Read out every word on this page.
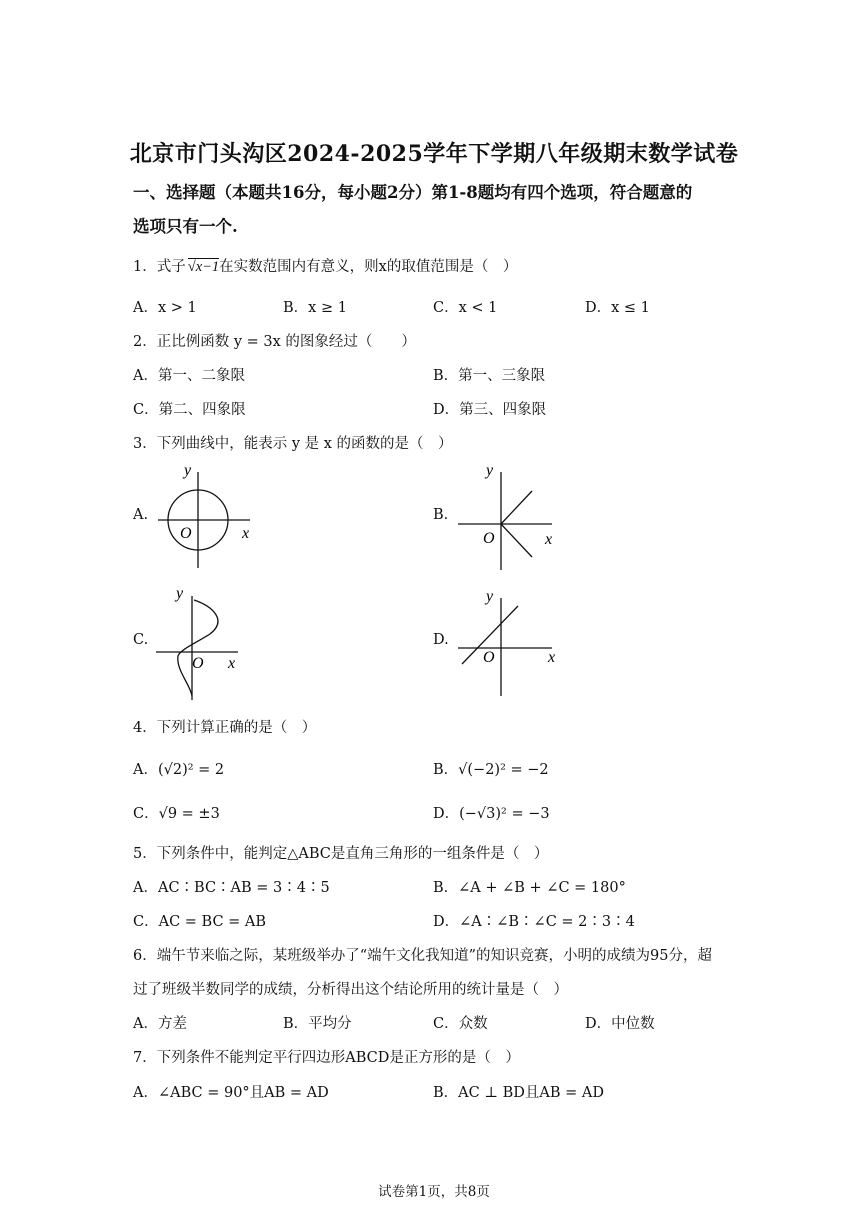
北京市门头沟区2024-2025学年下学期八年级期末数学试卷
一、选择题（本题共16分，每小题2分）第1-8题均有四个选项，符合题意的
选项只有一个.
1．式子 √x−1在实数范围内有意义，则x的取值范围是（　）
A．x > 1	B．x ≥ 1	C．x < 1	D．x ≤ 1
2．正比例函数 y = 3x 的图象经过（　　）
A．第一、二象限	B．第一、三象限
C．第二、四象限	D．第三、四象限
3．下列曲线中，能表示 y 是 x 的函数的是（　）
A.
x
y
O
B.
x
y
O
C.
x
y
O
D.
x
y
O
4．下列计算正确的是（　）
A．(√2)² = 2	B．√(−2)² = −2
C．√9 = ±3	D．(−√3)² = −3
5．下列条件中，能判定△ABC是直角三角形的一组条件是（　）
A．AC∶BC∶AB = 3∶4∶5	B．∠A + ∠B + ∠C = 180°
C．AC = BC = AB	D．∠A∶∠B∶∠C = 2∶3∶4
6．端午节来临之际，某班级举办了“端午文化我知道”的知识竞赛，小明的成绩为95分，超
过了班级半数同学的成绩，分析得出这个结论所用的统计量是（　）
A．方差	B．平均分	C．众数	D．中位数
7．下列条件不能判定平行四边形ABCD是正方形的是（　）
A．∠ABC = 90°且AB = AD	B．AC ⊥ BD且AB = AD
试卷第1页，共8页
